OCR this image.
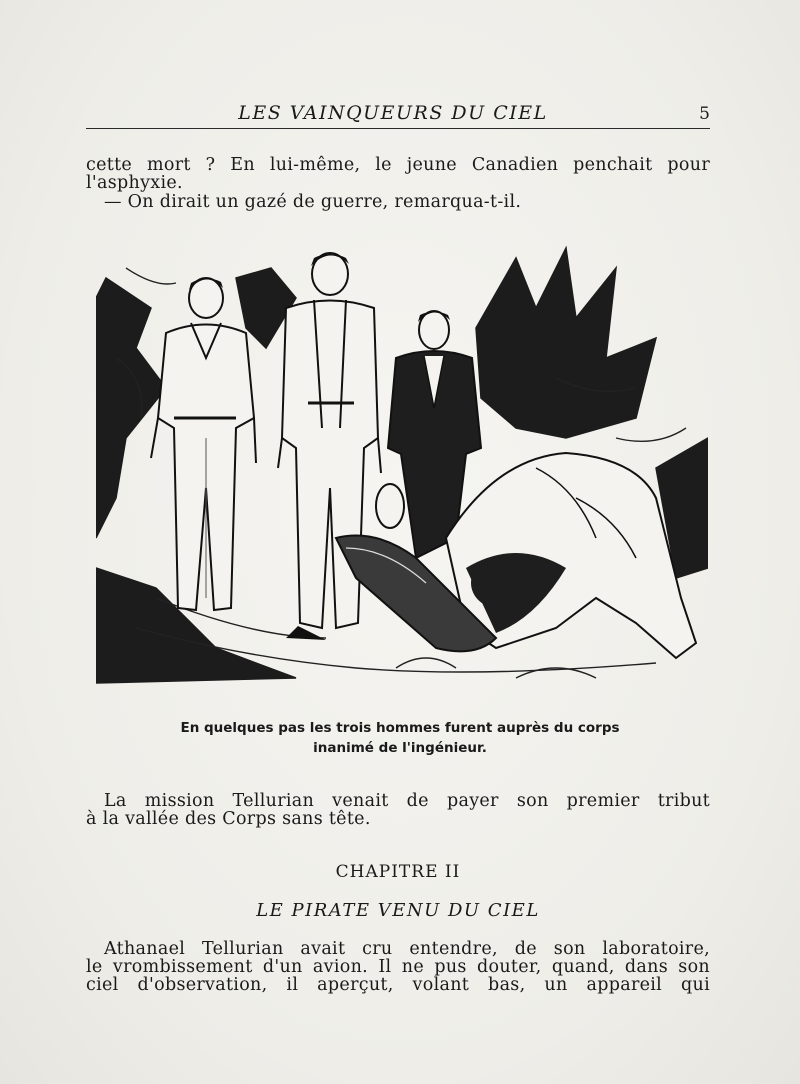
LES VAINQUEURS DU CIEL	5
cette mort ? En lui-même, le jeune Canadien penchait pour
l'asphyxie.
— On dirait un gazé de guerre, remarqua-t-il.
En quelques pas les trois hommes furent auprès du corps
inanimé de l'ingénieur.
La mission Tellurian venait de payer son premier tribut
à la vallée des Corps sans tête.
CHAPITRE II
LE PIRATE VENU DU CIEL
Athanael Tellurian avait cru entendre, de son laboratoire,
le vrombissement d'un avion. Il ne pus douter, quand, dans son
ciel d'observation, il aperçut, volant bas, un appareil qui
